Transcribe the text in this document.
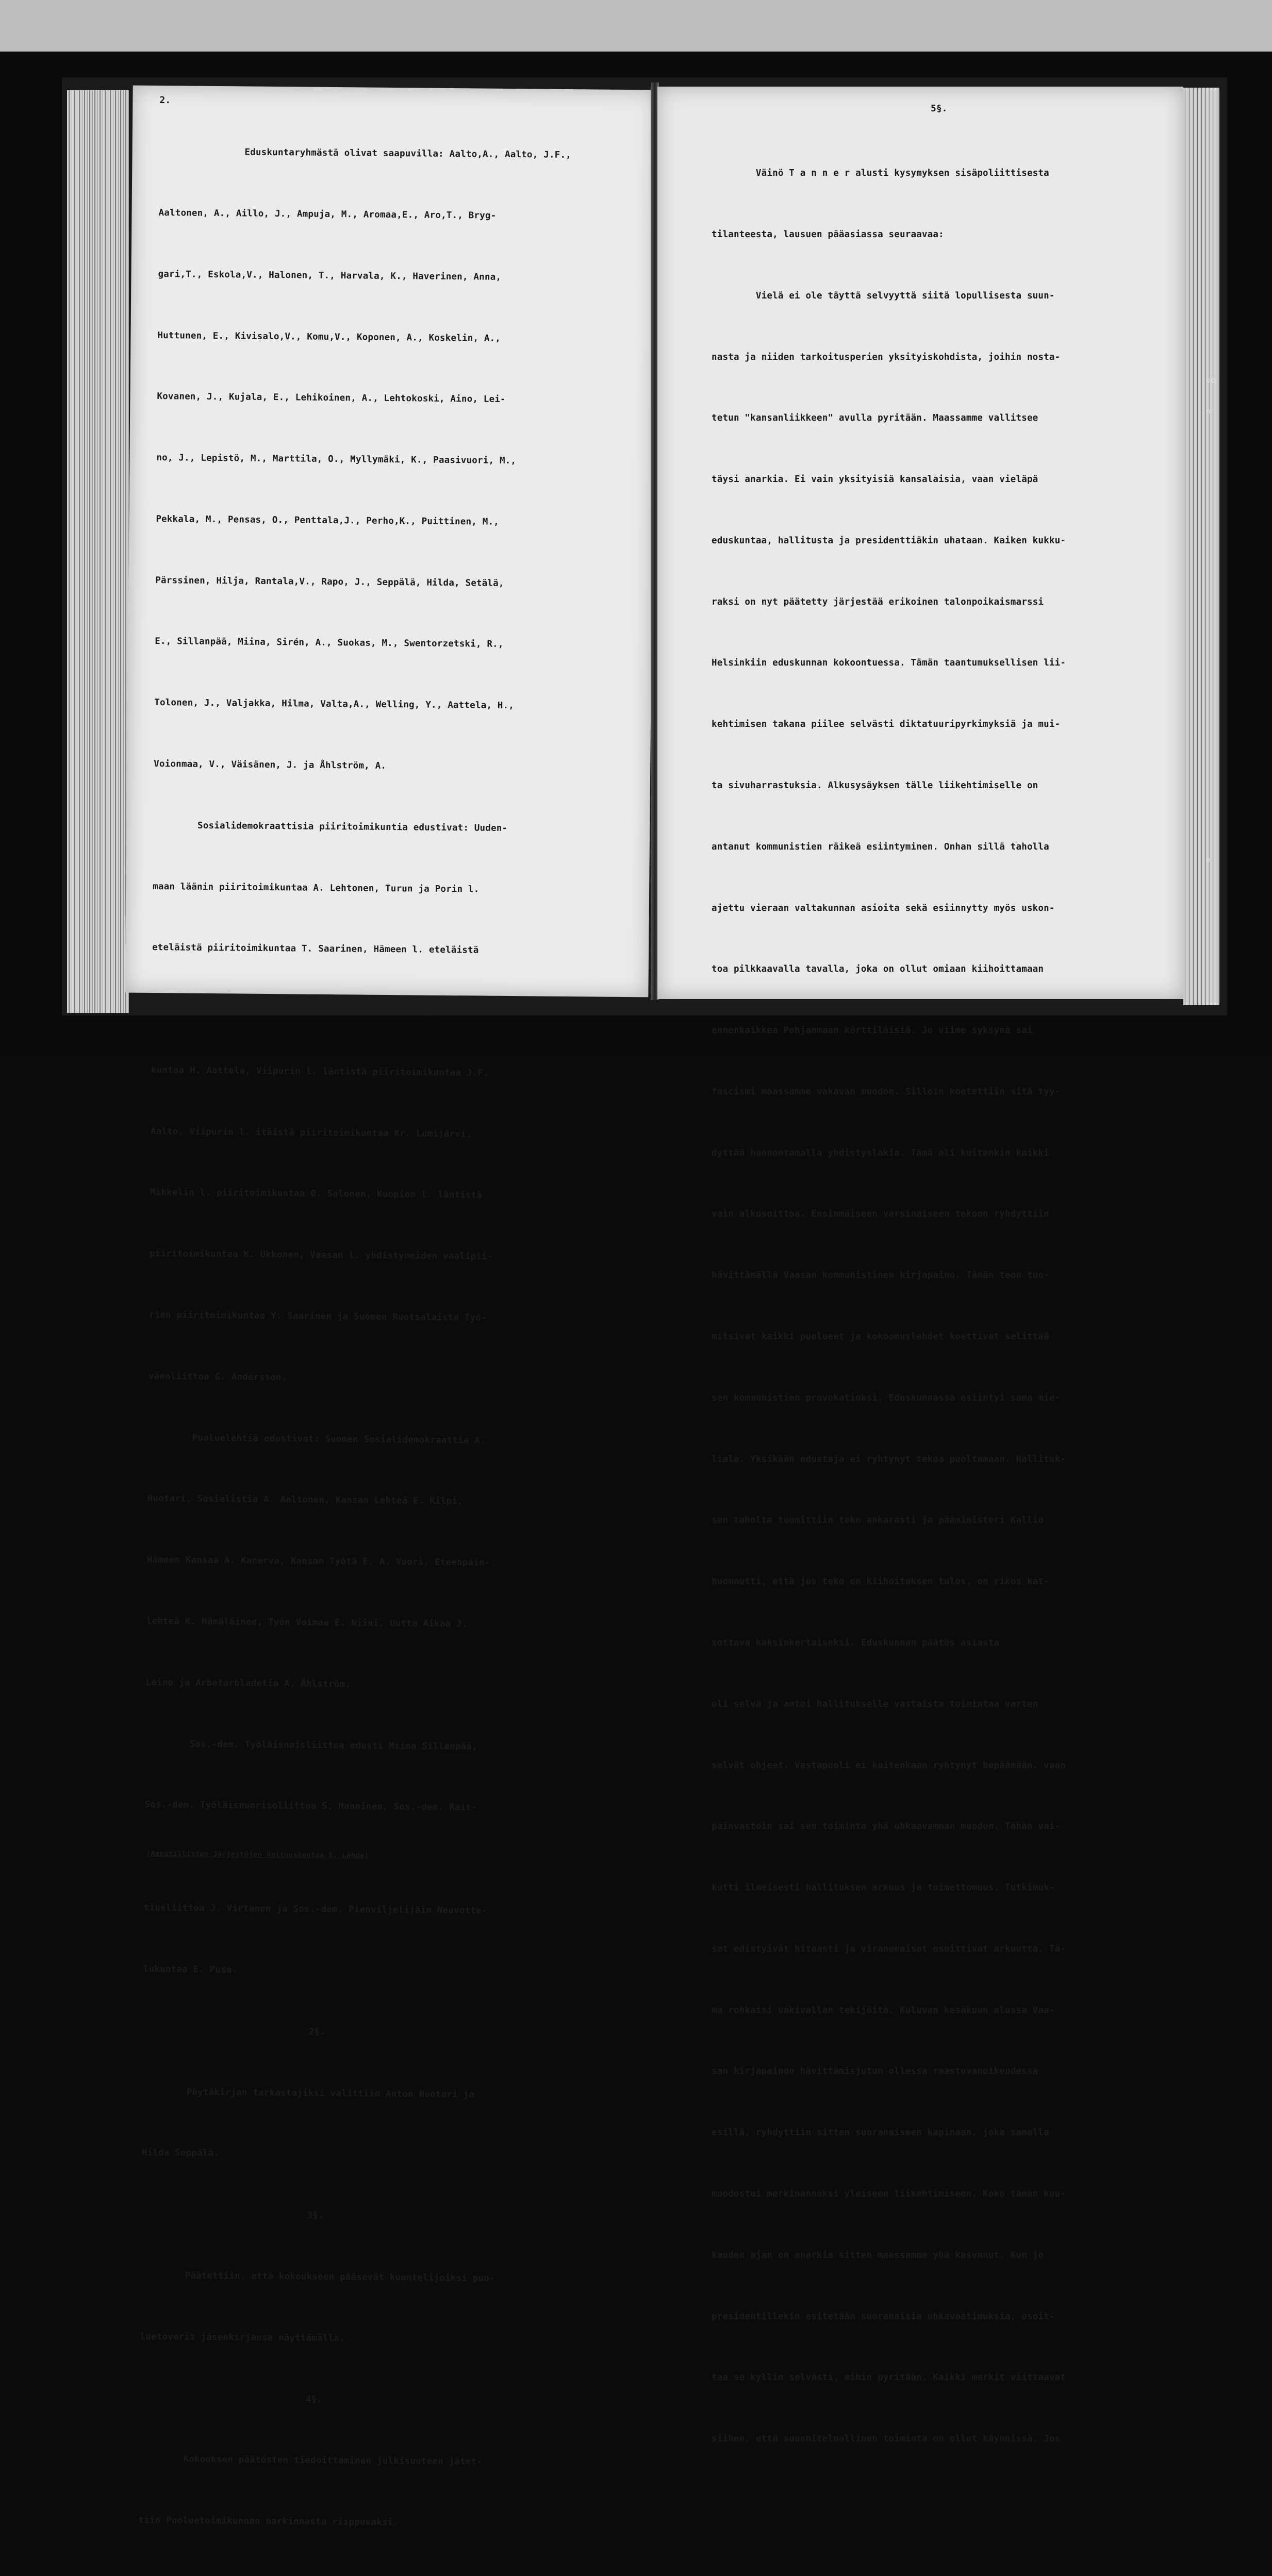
uc
n
e
2.

Eduskuntaryhmästä olivat saapuvilla: Aalto,A., Aalto, J.F.,

Aaltonen, A., Aillo, J., Ampuja, M., Aromaa,E., Aro,T., Bryg-

gari,T., Eskola,V., Halonen, T., Harvala, K., Haverinen, Anna,

Huttunen, E., Kivisalo,V., Komu,V., Koponen, A., Koskelin, A.,

Kovanen, J., Kujala, E., Lehikoinen, A., Lehtokoski, Aino, Lei-

no, J., Lepistö, M., Marttila, O., Myllymäki, K., Paasivuori, M.,

Pekkala, M., Pensas, O., Penttala,J., Perho,K., Puittinen, M.,

Pärssinen, Hilja, Rantala,V., Rapo, J., Seppälä, Hilda, Setälä,

E., Sillanpää, Miina, Sirén, A., Suokas, M., Swentorzetski, R.,

Tolonen, J., Valjakka, Hilma, Valta,A., Welling, Y., Aattela, H.,

Voionmaa, V., Väisänen, J. ja Åhlström, A.

Sosialidemokraattisia piiritoimikuntia edustivat: Uuden-

maan läänin piiritoimikuntaa A. Lehtonen, Turun ja Porin l.

eteläistä piiritoimikuntaa T. Saarinen, Hämeen l. eteläistä

piiritoimikuntaa T. Aaltonen, Hämeen l. pohjoista piiritoimi-

kuntaa H. Aattela, Viipurin l. läntistä piiritoimikuntaa J.F.

Aalto, Viipurin l. itäistä piiritoimikuntaa Kr. Lumijärvi,

Mikkelin l. piiritoimikuntaa O. Salonen, Kuopion l. läntistä

piiritoimikuntaa K. Ukkonen, Vaasan l. yhdistyneiden vaalipii-

rien piiritoimikuntaa Y. Saarinen ja Suomen Ruotsalaista Työ-

väenliittoa G. Andersson.

Puoluelehtiä edustivat: Suomen Sosialidemokraattia A.

Huotari, Sosialistia A. Aaltonen, Kansan Lehteä E. Kilpi,

Hämeen Kansaa A. Kanerva, Kansan Työtä E. A. Vuori, Eteenpäin-

lehteä K. Hämäläinen, Työn Voimaa E. Niini, Uutta Aikaa J.

Leino ja Arbetarbladetia A. Åhlström.

Sos.-dem. Työläisnaisliittoa edusti Miina Sillanpää,

Sos.-dem. Työläisnuorisoliittoa S. Manninen, Sos.-dem. Rait-

(Ammatillisten Järjestöjen Valtuuskuntaa E. Lähde)

tiusliittoa J. Virtanen ja Sos.-dem. Pienviljelijäin Neuvotte-

lukuntaa E. Pusa.

2§.

Pöytäkirjan tarkastajiksi valittiin Anton Huotari ja

Hilda Seppälä.

3§.

Päätettiin, että kokoukseen pääsevät kuuntelijoiksi puo-

luetoverit jäsenkirjansa näyttämällä.

4§.

Kokouksen päätösten tiedoittaminen julkisuuteen jätet-

tiin Puoluetoimikunnan harkinnasta riippuvaksi.

5§.

Väinö T a n n e r alusti kysymyksen sisäpoliittisesta

tilanteesta, lausuen pääasiassa seuraavaa:

Vielä ei ole täyttä selvyyttä siitä lopullisesta suun-

nasta ja niiden tarkoitusperien yksityiskohdista, joihin nosta-

tetun "kansanliikkeen" avulla pyritään. Maassamme vallitsee

täysi anarkia. Ei vain yksityisiä kansalaisia, vaan vieläpä

eduskuntaa, hallitusta ja presidenttiäkin uhataan. Kaiken kukku-

raksi on nyt päätetty järjestää erikoinen talonpoikaismarssi

Helsinkiin eduskunnan kokoontuessa. Tämän taantumuksellisen lii-

kehtimisen takana piilee selvästi diktatuuripyrkimyksiä ja mui-

ta sivuharrastuksia. Alkusysäyksen tälle liikehtimiselle on

antanut kommunistien räikeä esiintyminen. Onhan sillä taholla

ajettu vieraan valtakunnan asioita sekä esiinnytty myös uskon-

toa pilkkaavalla tavalla, joka on ollut omiaan kiihoittamaan

ennenkaikkea Pohjanmaan körttiläisiä. Jo viime syksynä sai

fascismi maassamme vakavan muodon. Silloin koetettiin sitä tyy-

dyttää huonontamalla yhdistyslakia. Tämä oli kuitenkin kaikki

vain alkusoittoa. Ensimmäiseen varsinaiseen tekoon ryhdyttiin

hävittämällä Vaasan kommunistinen kirjapaino. Tämän teon tuo-

mitsivat kaikki puolueet ja kokoomuslehdet koettivat selittää

sen kommunistien provokatioksi. Eduskunnassa esiintyi sama mie-

liala. Yksikään edustaja ei ryhtynyt tekoa puoltamaan. Hallituk-

sen taholta tuomittiin teko ankarasti ja pääministeri Kallio

huomautti, että jos teko on kiihoituksen tulos, on rikos kat-

sottava kaksinkertaiseksi. Eduskunnan päätös asiasta

oli selvä ja antoi hallitukselle vastaista toimintaa varten

selvät ohjeet. Vastapuoli ei kuitenkaan ryhtynyt bepäämään, vaan

päinvastoin sai sen toiminta yhä uhkaavamman muodon. Tähän vai-

kutti ilmeisesti hallituksen arkuus ja toimettomuus. Tutkimuk-

set edistyivät hitaasti ja viranomaiset osoittivat arkuutta. Tä-

mä rohkaisi väkivallan tekijöitä. Kuluvan kesäkuun alussa Vaa-

san kirjapainon hävittämisjutun ollessa raastuvanoikeudessa

esillä, ryhdyttiin sitten suoranaiseen kapinaan, joka samalla

muodostui merkinannoksi yleiseen liikehtimiseen. Koko tämän kuu-

kauden ajan on anarkia sitten maassamme yhä kasvanut. Kun jo

presidentillekin esitetään suoranaisia uhkavaatimuksia, osoit-

taa se kyllin selvästi, mihin pyritään. Kaikki merkit viittaavat

siihen, että suunnitelmallinen toiminta on ollut käynnissä. Jos
